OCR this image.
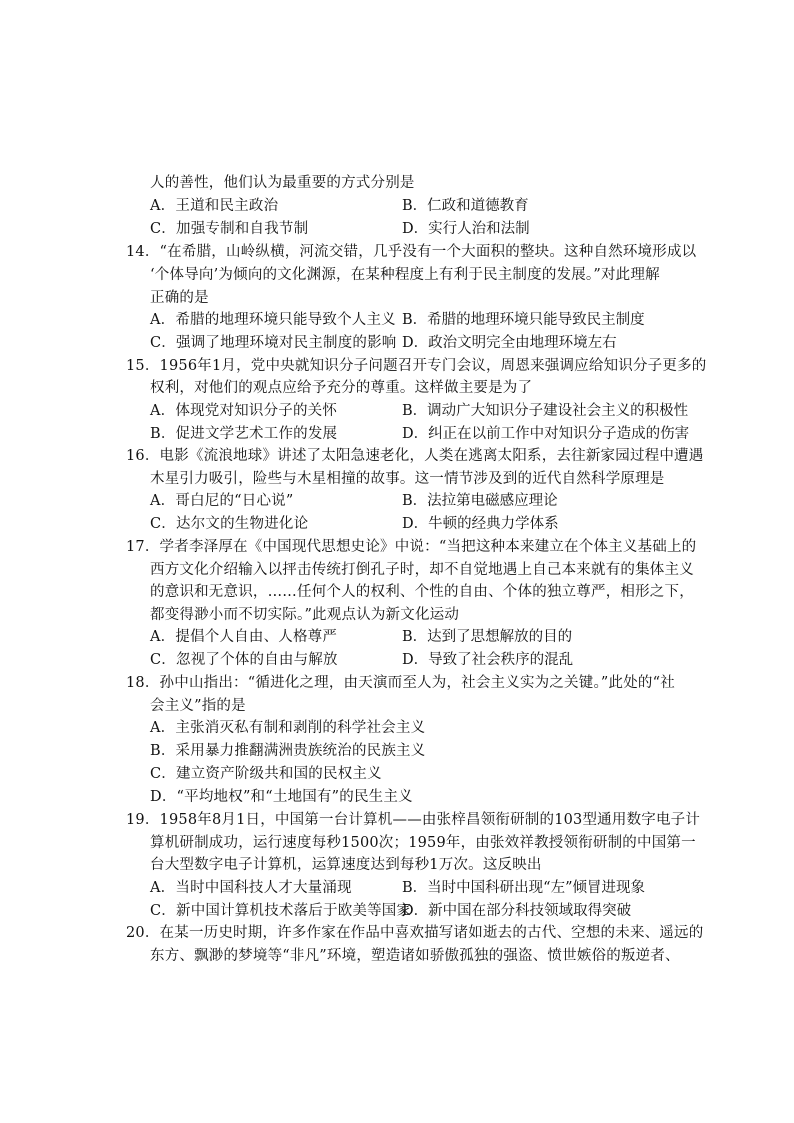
人的善性，他们认为最重要的方式分别是
A．王道和民主政治	B．仁政和道德教育
C．加强专制和自我节制	D．实行人治和法制
14．“在希腊，山岭纵横，河流交错，几乎没有一个大面积的整块。这种自然环境形成以
‘个体导向’为倾向的文化渊源，在某种程度上有利于民主制度的发展。”对此理解
正确的是
A．希腊的地理环境只能导致个人主义 B．希腊的地理环境只能导致民主制度
C．强调了地理环境对民主制度的影响 D．政治文明完全由地理环境左右
15．1956年1月，党中央就知识分子问题召开专门会议，周恩来强调应给知识分子更多的
权利，对他们的观点应给予充分的尊重。这样做主要是为了
A．体现党对知识分子的关怀	B．调动广大知识分子建设社会主义的积极性
B．促进文学艺术工作的发展	D．纠正在以前工作中对知识分子造成的伤害
16．电影《流浪地球》讲述了太阳急速老化，人类在逃离太阳系，去往新家园过程中遭遇
木星引力吸引，险些与木星相撞的故事。这一情节涉及到的近代自然科学原理是
A．哥白尼的“日心说”	B．法拉第电磁感应理论
C．达尔文的生物进化论	D．牛顿的经典力学体系
17．学者李泽厚在《中国现代思想史论》中说：“当把这种本来建立在个体主义基础上的
西方文化介绍输入以抨击传统打倒孔子时，却不自觉地遇上自己本来就有的集体主义
的意识和无意识，……任何个人的权利、个性的自由、个体的独立尊严，相形之下，
都变得渺小而不切实际。”此观点认为新文化运动
A．提倡个人自由、人格尊严	B．达到了思想解放的目的
C．忽视了个体的自由与解放	D．导致了社会秩序的混乱
18．孙中山指出：“循进化之理，由天演而至人为，社会主义实为之关键。”此处的“社
会主义”指的是
A．主张消灭私有制和剥削的科学社会主义
B．采用暴力推翻满洲贵族统治的民族主义
C．建立资产阶级共和国的民权主义
D．“平均地权”和“土地国有”的民生主义
19．1958年8月1日，中国第一台计算机——由张梓昌领衔研制的103型通用数字电子计
算机研制成功，运行速度每秒1500次；1959年，由张效祥教授领衔研制的中国第一
台大型数字电子计算机，运算速度达到每秒1万次。这反映出
A．当时中国科技人才大量涌现	B．当时中国科研出现“左”倾冒进现象
C．新中国计算机技术落后于欧美等国家
D．新中国在部分科技领域取得突破
20．在某一历史时期，许多作家在作品中喜欢描写诸如逝去的古代、空想的未来、遥远的
东方、飘渺的梦境等“非凡”环境，塑造诸如骄傲孤独的强盗、愤世嫉俗的叛逆者、
